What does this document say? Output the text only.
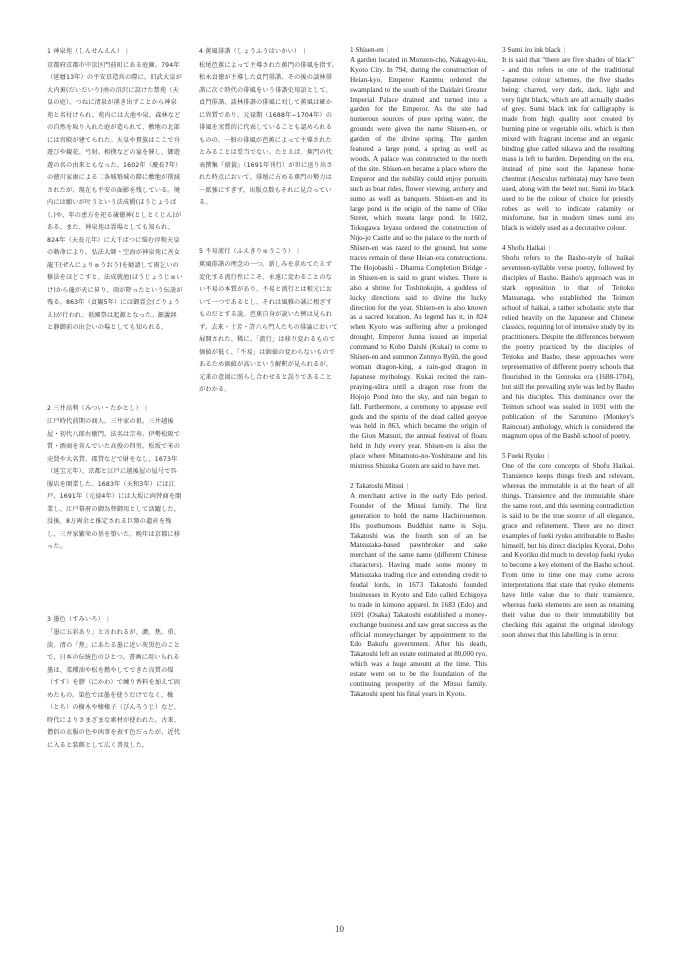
1 神泉苑（しんせんえん） |

京都府京都市中京区門前町にある庭園。794年（延暦13年）の平安京造営の際に、旧武大皇が大内裏(だいだいり)南の沼沢に設けた禁苑（天皇の庭）。つねに清泉が湧き出ずことから神泉苑と名付けられ、苑内には大池や泉、森林などの自然を取り入れた庭が造られて、敷地の北部には宮殿が建てられた。天皇や貴族はここで舟遊びや観花、弓射、相撲などの宴を催し、御遊遊の名の由来ともなった。1602年（慶長7年）の徳川家康による二条城築城の際に敷地が削減されたが、現在も平安の面影を残している。境内には願いが叶うという法成橋(ほうじょうばし)や、年の恵方を祀る歳徳神(としとくじん)がある。また、神泉苑は霊場としても知られ、824年（天長元年）に大干ばつに悩む淳和天皇の勅命により、弘法大師・空海が神泉苑に善女龍王(ぜんにょりゅうおう)を勧請して雨乞いの修法をほどこすと、法成就池(ほうじょうじゅいけ)から龍が天に昇り、雨が降ったという伝説が残る。863年（貞観5年）には御霊会(ごりょうえ)が行われ、祇園祭は起源となった。源義経と静御前の出会いの場としても知られる。

2 三井高利（みつい・たかとし） |

江戸時代前期の商人、三井家の祖。三井越後屋・初代八郎右衛門。法名は宗寿。伊勢松阪で質・酒商を営んでいた高俊の四男。松坂で米の売買や大名貸、郡貸などで財をなし、1673年（延宝元年）、京都と江戸に越後屋の屋号で呉服店を開業した。1683年（天和3年）には江戸、1691年（元禄4年）には大坂に両替商を開業し、江戸幕府の御為替御用として活躍した。没後、8万両余と推定される巨額の遺産を残し、三井家繁栄の基を築いた。晩年は京都に移った。

3 墨色（すみいろ） |

「墨に五彩あり」と言われるが、濃、焦、重、淡、清の「焦」にあたる墨に近い灰黒色のことで、日本の伝統色のひとつ。書画に用いられる墨は、菜種油や松を燃やしてできた良質の煤（すす）を膠（にかわ）で練り香料を加えて固めたもの。染色では墨を使うだけでなく、橡（とち）の樹木や榛榛子（びんろうじ）など、時代によりさまざまな素材が使われた。古来、僧侶の衣服の色や凶事を表す色だったが、近代に入ると装飾として広く普及した。

4 蕉風俳諧（しょうふうはいかい） |

松尾芭蕉によって主導された蕉門の俳風を指す。松永貞徳が主導した貞門俳諧、その後の談林俳諧に次ぐ時代の俳風をいう俳諧史用語として、貞門俳諧、談林俳諧の俳風に対して蕉風は確かに異質であり、元禄期（1688年−1704年）の俳風を実質的に代表していることも認められるものの、一般の俳風が芭蕉によって主導されたとみることは妥当でない。たとえば、蕉門の代表撰集『猿蓑』（1691年刊行）が世に送り出された時点において、俳壇に占める蕉門の勢力は一派強にすぎず、出版点数もそれに見合っている。

5 不易流行（ふえきりゅうこう） |

蕉風俳諧の理念の一つ。新しみを求めてたえず変化する流行性にこそ、永遠に変わることのない不易の本質があり、不易と流行とは根元において一つであるとし、それは風雅の誠に根ざすものだとする説。芭蕉自身が説いた例は見られず、去来・土芳・許六ら門人たちの俳論において展開された。稀に、「流行」は移り変わるもので価値が低く、「不易」は価値の変わらないものであるため価値が高いという解釈が見られるが、元来の意図に照らし合わせると誤りであることがわかる。

1 Shisen-en |

A garden located in Monzen-cho, Nakagyo-ku, Kyoto City. In 794, during the construction of Heian-kyo, Emperor Kammu ordered the swampland to the south of the Daidairi Greater Imperial Palace drained and turned into a garden for the Emperor. As the site had numerous sources of pure spring water, the grounds were given the name Shisen-en, or garden of the divine spring. The garden featured a large pond, a spring as well as woods. A palace was constructed to the north of the site. Shisen-en became a place where the Emperor and the nobility could enjoy pursuits such as boat rides, flower viewing, archery and sumo as well as banquets. Shisen-en and its large pond is the origin of the name of Oike Street, which means large pond. In 1602, Tokugawa Ieyasu ordered the construction of Nijo-jo Castle and so the palace to the north of Shisen-en was razed to the ground, but some traces remain of these Heian-era constructions. The Hojobashi - Dharma Completion Bridge - in Shisen-en is said to grant wishes. There is also a shrine for Toshitokujin, a goddess of lucky directions said to divine the lucky direction for the year. Shisen-en is also known as a sacred location. As legend has it, in 824 when Kyoto was suffering after a prolonged drought, Emperor Junna issued an imperial command to Kobo Daishi (Kukai) to come to Shisen-en and summon Zennyo Ryūō, the good woman dragon-king, a rain-god dragon in Japanese mythology. Kukai recited the rain-praying-sūtra until a dragon rose from the Hojojo Pond into the sky, and rain began to fall. Furthermore, a ceremony to appease evil gods and the spirits of the dead called goryoe was held in 863, which became the origin of the Gion Matsuri, the annual festival of floats held in July every year. Shisen-en is also the place where Minamoto-no-Yoshitsune and his mistress Shizuka Gozen are said to have met.

2 Takatoshi Mitsui |

A merchant active in the early Edo period. Founder of the Mitsui family. The first generation to hold the name Hachirouemon. His posthumous Buddhist name is Soju. Takatoshi was the fourth son of an Ise Matsuzaka-based pawnbroker and sake merchant of the same name (different Chinese characters). Having made some money in Matsuzaka trading rice and extending credit to feudal lords, in 1673 Takatoshi founded businesses in Kyoto and Edo called Echigoya to trade in kimono apparel. In 1683 (Edo) and 1691 (Osaka) Takatoshi established a money-exchange business and saw great success as the official moneychanger by appointment to the Edo Bakufu government. After his death, Takatoshi left an estate estimated at 80,000 ryo, which was a huge amount at the time. This estate went on to be the foundation of the continuing prosperity of the Mitsui family. Takatoshi spent his final years in Kyoto.

3 Sumi iro ink black |

It is said that "there are five shades of black" - and this refers to one of the traditional Japanese colour schemes, the five shades being: charred, very dark, dark, light and very light black, which are all actually shades of grey. Sumi black ink for calligraphy is made from high quality soot created by burning pine or vegetable oils, which is then mixed with fragrant incense and an organic binding glue called nikawa and the resulting mass is left to harden. Depending on the era, instead of pine soot the Japanese horse chestnut (Aesculus turbinata) may have been used, along with the betel nut. Sumi iro black used to be the colour of choice for priestly robes as well to indicate calamity or misfortune, but in modern times sumi iro black is widely used as a decorative colour.

4 Shofu Haikai |

Shofu refers to the Basho-style of haikai seventeen-syllable verse poetry, followed by disciples of Basho. Basho's approach was in stark opposition to that of Teitoku Matsunaga, who established the Teimon school of haikai, a rather scholastic style that relied heavily on the Japanese and Chinese classics, requiring lot of intensive study by its practitioners. Despite the differences between the poetry practiced by the disciples of Teitoku and Basho, these approaches were representative of different poetry schools that flourished in the Genroku era (1688-1704), but still the prevailing style was led by Basho and his disciples. This dominance over the Teimon school was sealed in 1691 with the publication of the Sarumino (Monkey's Raincoat) anthology, which is considered the magnum opus of the Bashō school of poetry.

5 Fueki Ryuko |

One of the core concepts of Shofu Haikai. Transience keeps things fresh and relevant, whereas the immutable is at the heart of all things. Transience and the immutable share the same root, and this seeming contradiction is said to be the true source of all elegance, grace and refinement. There are no direct examples of fueki ryuko attributable to Basho himself, but his direct disciples Kyorai, Doho and Kyoriku did much to develop fueki ryuko to become a key element of the Basho school. From time to time one may come across interpretations that state that ryuko elements have little value due to their transience, whereas fueki elements are seen as retaining their value due to their immutability but checking this against the original ideology soon shows that this labelling is in error.

10
